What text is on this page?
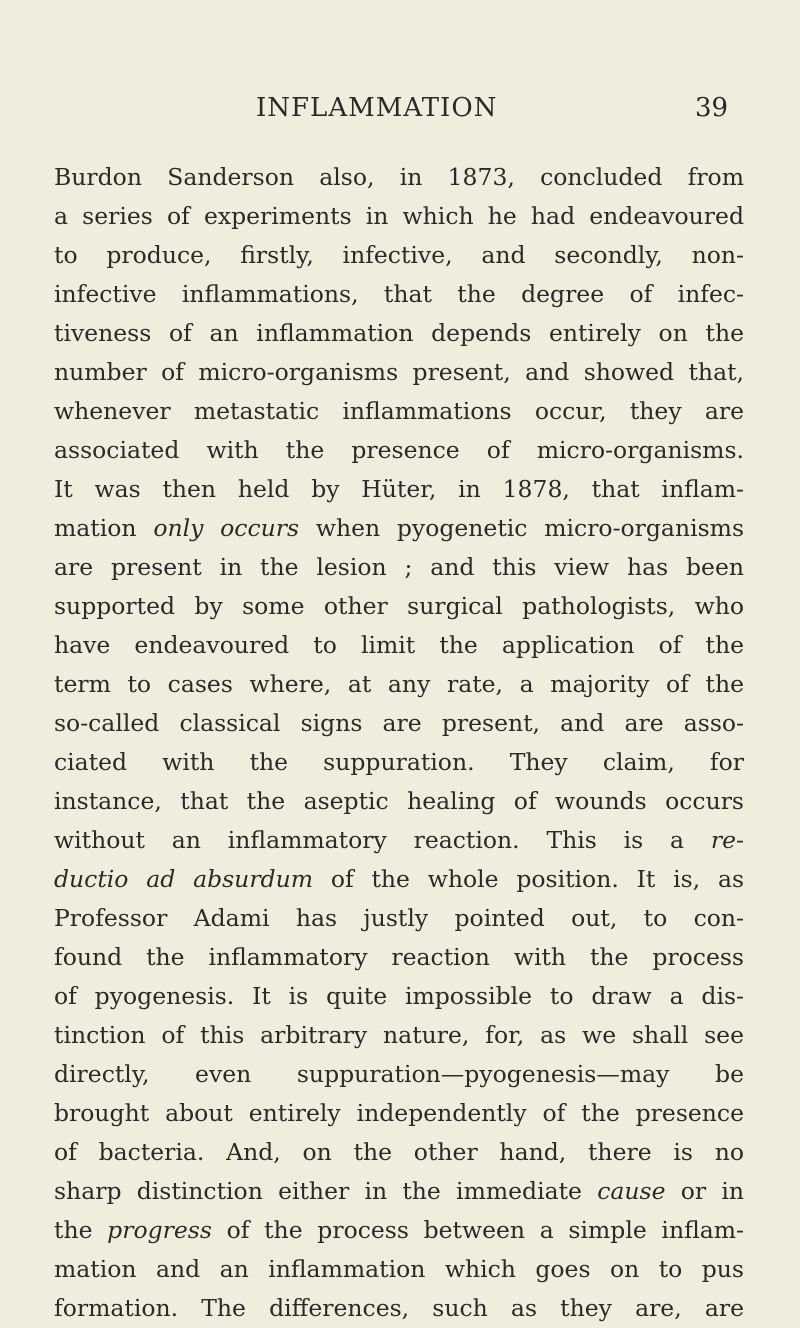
INFLAMMATION	39
Burdon Sanderson also, in 1873, concluded from
a series of experiments in which he had endeavoured
to produce, firstly, infective, and secondly, non-
infective inflammations, that the degree of infec-
tiveness of an inflammation depends entirely on the
number of micro-organisms present, and showed that,
whenever metastatic inflammations occur, they are
associated with the presence of micro-organisms.
It was then held by Hüter, in 1878, that inflam-
mation only occurs when pyogenetic micro-organisms
are present in the lesion ; and this view has been
supported by some other surgical pathologists, who
have endeavoured to limit the application of the
term to cases where, at any rate, a majority of the
so-called classical signs are present, and are asso-
ciated with the suppuration. They claim, for
instance, that the aseptic healing of wounds occurs
without an inflammatory reaction. This is a re-
ductio ad absurdum of the whole position. It is, as
Professor Adami has justly pointed out, to con-
found the inflammatory reaction with the process
of pyogenesis. It is quite impossible to draw a dis-
tinction of this arbitrary nature, for, as we shall see
directly, even suppuration—pyogenesis—may be
brought about entirely independently of the presence
of bacteria. And, on the other hand, there is no
sharp distinction either in the immediate cause or in
the progress of the process between a simple inflam-
mation and an inflammation which goes on to pus
formation. The differences, such as they are, are
